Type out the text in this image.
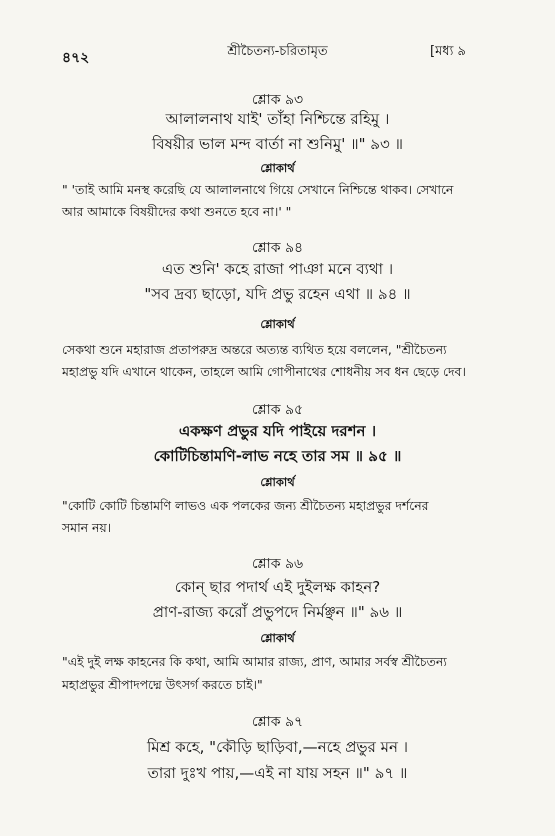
৪৭২	শ্রীচৈতন্য-চরিতামৃত	[মধ্য ৯
শ্লোক ৯৩
আলালনাথ যাই' তাঁহা নিশ্চিন্তে রহিমু ।
বিষয়ীর ভাল মন্দ বার্তা না শুনিমু' ॥" ৯৩ ॥
শ্লোকার্থ
" 'তাই আমি মনস্থ করেছি যে আলালনাথে গিয়ে সেখানে নিশ্চিন্তে থাকব। সেখানে
আর আমাকে বিষয়ীদের কথা শুনতে হবে না।' "
শ্লোক ৯৪
এত শুনি' কহে রাজা পাঞা মনে ব্যথা ।
"সব দ্রব্য ছাড়ো, যদি প্রভু রহেন এথা ॥ ৯৪ ॥
শ্লোকার্থ
সেকথা শুনে মহারাজ প্রতাপরুদ্র অন্তরে অত্যন্ত ব্যথিত হয়ে বললেন, "শ্রীচৈতন্য
মহাপ্রভু যদি এখানে থাকেন, তাহলে আমি গোপীনাথের শোধনীয় সব ধন ছেড়ে দেব।
শ্লোক ৯৫
একক্ষণ প্রভুর যদি পাইয়ে দরশন ।
কোটিচিন্তামণি-লাভ নহে তার সম ॥ ৯৫ ॥
শ্লোকার্থ
"কোটি কোটি চিন্তামণি লাভও এক পলকের জন্য শ্রীচৈতন্য মহাপ্রভুর দর্শনের
সমান নয়।
শ্লোক ৯৬
কোন্ ছার পদার্থ এই দুইলক্ষ কাহন?
প্রাণ-রাজ্য করোঁ প্রভুপদে নির্মঞ্ছন ॥" ৯৬ ॥
শ্লোকার্থ
"এই দুই লক্ষ কাহনের কি কথা, আমি আমার রাজ্য, প্রাণ, আমার সর্বস্ব শ্রীচৈতন্য
মহাপ্রভুর শ্রীপাদপদ্মে উৎসর্গ করতে চাই।"
শ্লোক ৯৭
মিশ্র কহে, "কৌড়ি ছাড়িবা,—নহে প্রভুর মন ।
তারা দুঃখ পায়,—এই না যায় সহন ॥" ৯৭ ॥
